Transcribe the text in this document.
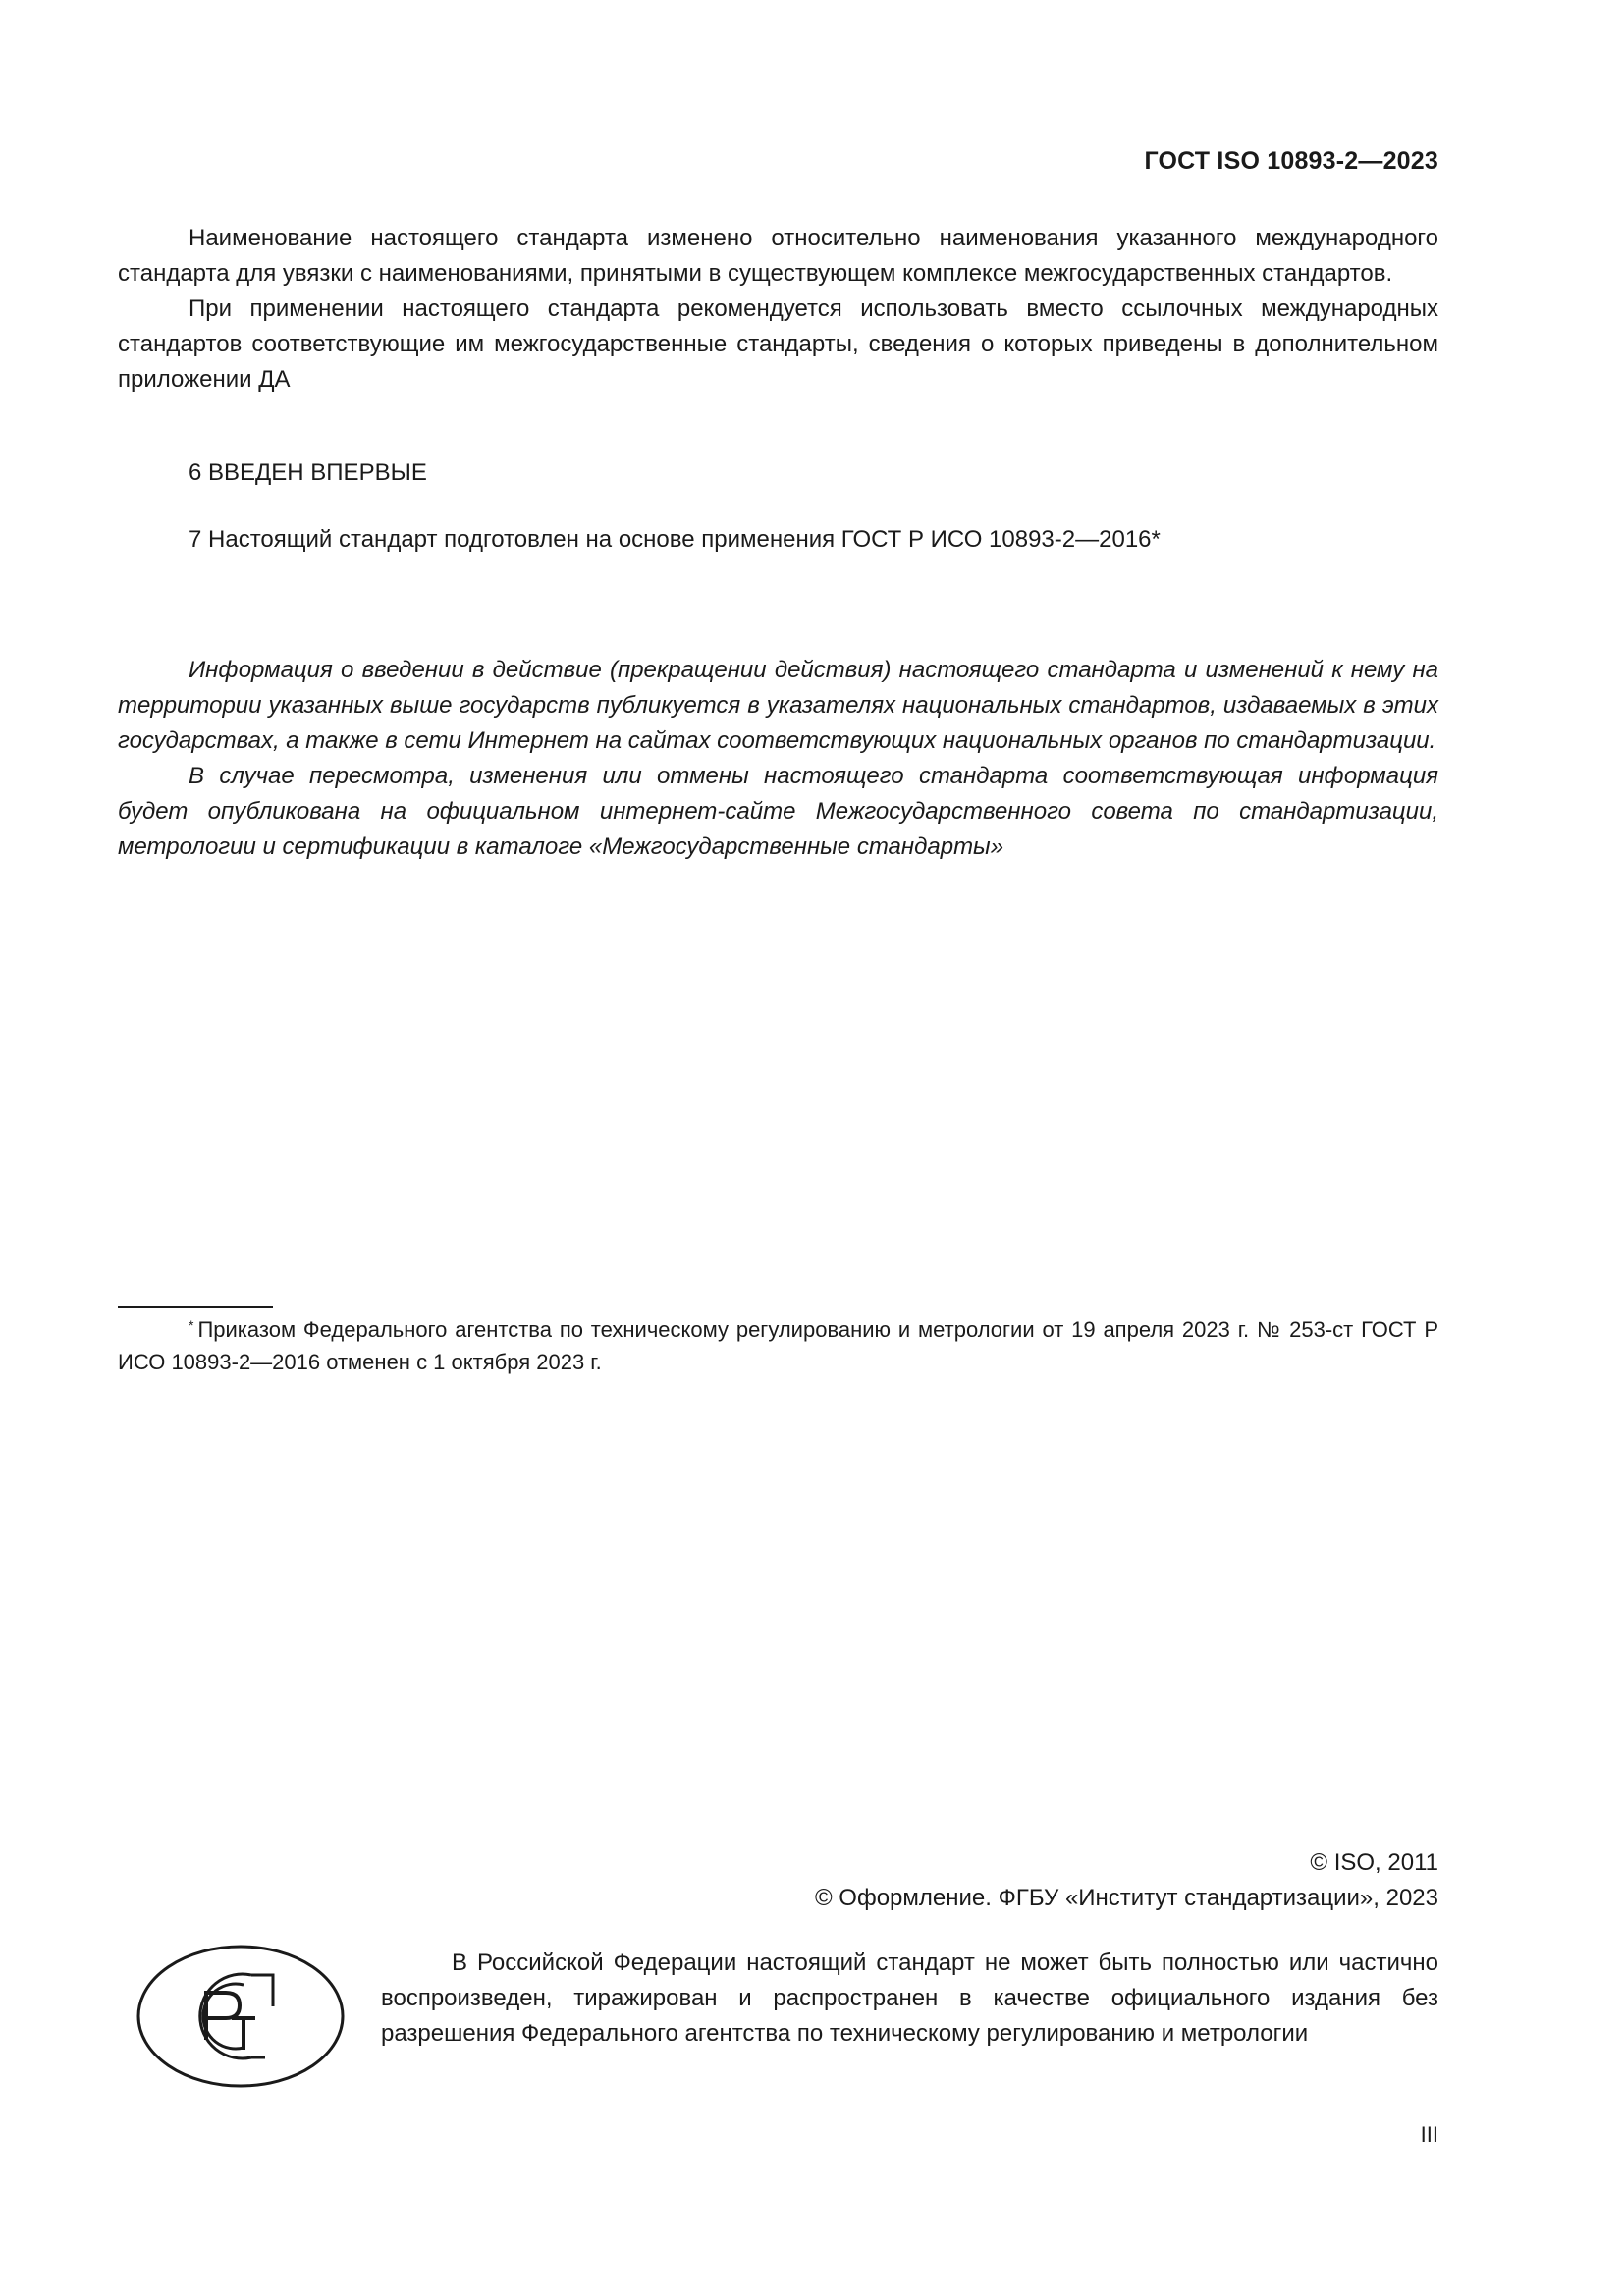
ГОСТ ISO 10893-2—2023

Наименование настоящего стандарта изменено относительно наименования указанного международного стандарта для увязки с наименованиями, принятыми в существующем комплексе межгосударственных стандартов.

При применении настоящего стандарта рекомендуется использовать вместо ссылочных международных стандартов соответствующие им межгосударственные стандарты, сведения о которых приведены в дополнительном приложении ДА

6 ВВЕДЕН ВПЕРВЫЕ

7 Настоящий стандарт подготовлен на основе применения ГОСТ Р ИСО 10893-2—2016*

Информация о введении в действие (прекращении действия) настоящего стандарта и изменений к нему на территории указанных выше государств публикуется в указателях национальных стандартов, издаваемых в этих государствах, а также в сети Интернет на сайтах соответствующих национальных органов по стандартизации.

В случае пересмотра, изменения или отмены настоящего стандарта соответствующая информация будет опубликована на официальном интернет-сайте Межгосударственного совета по стандартизации, метрологии и сертификации в каталоге «Межгосударственные стандарты»

* Приказом Федерального агентства по техническому регулированию и метрологии от 19 апреля 2023 г. № 253-ст ГОСТ Р ИСО 10893-2—2016 отменен с 1 октября 2023 г.

© ISO, 2011
© Оформление. ФГБУ «Институт стандартизации», 2023

В Российской Федерации настоящий стандарт не может быть полностью или частично воспроизведен, тиражирован и распространен в качестве официального издания без разрешения Федерального агентства по техническому регулированию и метрологии

III
